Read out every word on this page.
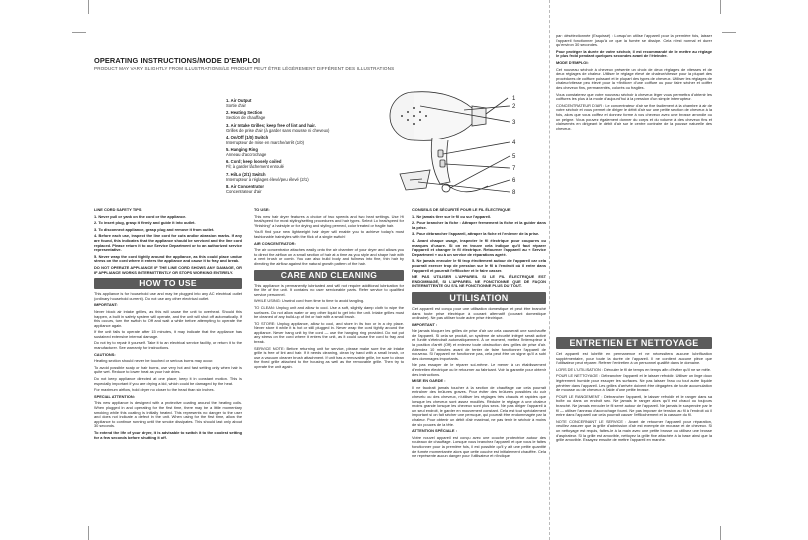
OPERATING INSTRUCTIONS/MODE D'EMPLOI
PRODUCT MAY VARY SLIGHTLY FROM ILLUSTRATIONS/LE PRODUIT PEUT ÊTRE LÉGÈREMENT DIFFÉRENT DES ILLUSTRATIONS
1. Air Output
Sortie d'air
2. Heating Section
Section de chauffage
3. Air Intake Grilles; keep free of lint and hair.
Grilles de prise d'air (à garder sans mousse ni cheveux)
4. On/Off (1/0) Switch
Interrupteur de mise en marche/arrêt (1/0)
5. Hanging Ring
Anneau d'accrochage
6. Cord; keep loosely coiled
Fil; à garder lâchement enroulé
7. Hi/Lo (2/1) Switch
Interrupteur à réglages élevé/peu élevé (2/1)
8. Air Concentrator
Concentrateur d'air
1
2
3
4
5
6
7
8

par: désélectionnée (Esquissé) : Lorsqu'on utilise l'appareil pour la première fois, laisser l'appareil fonctionner jusqu'à ce que la fumée se dissipe. Cela n'est normal et durer qu'environ 30 secondes.

Pour protéger la durée de votre séchoir, il est recommandé de le mettre au réglage le plus froid pendant quelques secondes avant de l'éteindre.

MODE D'EMPLOI:

Cet nouveau séchoir à cheveux présente un choix de deux réglages de vitesses et de deux réglages de chaleur. Utiliser le réglage élevé de chaleur/vitesse pour la plupart des procédures de coiffure puissant et le plupart des types de cheveux. Utiliser les réglages de chaleur/vitesse peu élevé pour la «finition» d'une coiffure ou pour faire sécher et coiffer des cheveux fins, permanentés, colorés ou fragiles.

Vous constaterez que votre nouveau séchoir à cheveux léger vous permettra d'obtenir les coiffures les plus à la mode d'aujourd'hui à la pression d'un simple interrupteur.

CONCENTRATEUR D'AIR : Le concentrateur d'air se fixe facilement à la chambre à air de votre séchoir et vous permet de diriger le débit d'air sur une petite section de cheveux à la fois, alors que vous coiffez et donnez forme à vos cheveux avec une brosse arrondie ou un peigne. Vous pouvez également donner du corps et du volume à des cheveux fins et clairsemés en dirigeant le débit d'air sur le centre contraire de la pousse naturelle des cheveux.

LINE CORD SAFETY TIPS

1. Never pull or yank on the cord or the appliance.

2. To insert plug, grasp it firmly and guide it into outlet.

3. To disconnect appliance, grasp plug and remove it from outlet.

4. Before each use, inspect the line cord for cuts and/or abrasion marks. If any are found, this indicates that the appliance should be serviced and the line cord replaced. Please return it to our Service Department or to an authorized service representative.

5. Never wrap the cord tightly around the appliance, as this could place undue stress on the cord where it enters the appliance and cause it to fray and break.

DO NOT OPERATE APPLIANCE IF THE LINE CORD SHOWS ANY DAMAGE, OR IF APPLIANCE WORKS INTERMITTENTLY OR STOPS WORKING ENTIRELY.

HOW TO USE

This appliance is for household use and may be plugged into any AC electrical outlet (ordinary household current). Do not use any other electrical outlet.

IMPORTANT:

Never block air intake grilles, as this will cause the unit to overheat. Should this happen, a built in safety system will operate, and the unit will shut off automatically. If this occurs, turn the switch to Off and wait a while before attempting to operate the appliance again.

If the unit fails to operate after 15 minutes, it may indicate that the appliance has sustained extensive internal damage.

Do not try to repair it yourself. Take it to an electrical service facility, or return it to the manufacturer. See warranty for instructions.

CAUTIONS:

Heating section should never be touched or serious burns may occur.

To avoid possible scalp or hair burns, use very hot and fast setting only when hair is quite wet. Reduce to lower heat as your hair dries.

Do not keep appliance directed at one place; keep it in constant motion. This is especially important if you are drying a kid, which could be damaged by the heat.

For maximum airflow, hold dryer no closer to the head than six inches.

SPECIAL ATTENTION:

This new appliance is designed with a protective coating around the heating coils. When plugged in and operating for the first time, there may be a little momentary smoking while this coating is initially heated. This represents no danger to the user and does not indicate a defect in the unit. When using for the first time, allow the appliance to continue running until the smoke dissipates. This should last only about 30 seconds.

To extend the life of your dryer, it is advisable to switch it to the coolest setting for a few seconds before shutting it off.

TO USE:

This new hair dryer features a choice of two speeds and two heat settings. Use Hi heat/speed for most styling/setting procedures and hair types. Select Lo heat/speed for "finishing" a hairstyle or for drying and styling permed, color treated or fragile hair.

You'll find your new lightweight hair dryer will enable you to achieve today's most fashionable hairstyles with the flick of a single switch!

AIR CONCENTRATOR:

The air concentrator attaches easily onto the air chamber of your dryer and allows you to direct the airflow on a small section of hair at a time as you style and shape hair with a vent brush or comb. You can also build body and fullness into fine, thin hair by directing the airflow against the natural growth pattern of the hair.

CARE AND CLEANING

This appliance is permanently lubricated and will not require additional lubrication for the life of the unit. It contains no user serviceable parts. Refer service to qualified service personnel.

WHILE USING: Unwind cord from time to time to avoid tangling.

TO CLEAN: Unplug unit and allow to cool. Use a soft, slightly damp cloth to wipe the surfaces. Do not allow water or any other liquid to get into the unit. Intake grilles must be cleaned of any build-up of lint or hair with a small brush.

TO STORE: Unplug appliance, allow to cool, and store in its box or in a dry place. Never store it while it is hot or still plugged in. Never wrap the cord tightly around the appliance. Never hang unit by the cord — use the hanging ring provided. Do not put any stress on the cord where it enters the unit, as it could cause the cord to fray and break.

SERVICE NOTE: Before returning unit for service, please make sure the air intake grille is free of lint and hair. If it needs cleaning, clean by hand with a small brush, or use a vacuum cleaner brush attachment. If unit has a removable grille, be sure to clean the fixed grille attached to the housing as well as the removable grille. Then try to operate the unit again.

CONSEILS DE SÉCURITÉ POUR LE FIL ÉLECTRIQUE

1. Ne jamais tirer sur le fil ou sur l'appareil.

2. Pour brancher la fiche : Attraper fermement la fiche et la guider dans la prise.

3. Pour débrancher l'appareil, attraper la fiche et l'enlever de la prise.

4. Avant chaque usage, inspecter le fil électrique pour coupures ou marques d'usure. Si on en trouve cela indique qu'il faut réparer l'appareil et changer le fil électrique. Retourner l'appareil au « Service Department » ou à un service de réparations agréé.

5. Ne jamais enrouler le fil trop étroitement autour de l'appareil car cela pourrait exercer trop de pression sur le fil à l'endroit où il entre dans l'appareil et pourrait l'effilocher et le faire casser.

NE PAS UTILISER L'APPAREIL SI LE FIL ÉLECTRIQUE EST ENDOMMAGÉ, SI L'APPAREIL NE FONCTIONNE QUE DE FAÇON INTERMITTENTE OU S'IL NE FONCTIONNE PLUS DU TOUT.

UTILISATION

Cet appareil est conçu pour une utilisation domestique et peut être branché dans toute prise électrique à courant alternatif (courant domestique ordinaire). Ne pas utiliser toute autre prise électrique.

IMPORTANT :

Ne jamais bloquer les grilles de prise d'air car cela causerait une surchauffe de l'appareil. Si cela se produit, un système de sécurité intégré serait activé et l'unité s'éteindrait automatiquement. À ce moment, mettez l'interrupteur à la position d'arrêt (Off) et enlevez toute obstruction des grilles de prise d'air. Attendez 10 minutes avant de tenter de faire fonctionner l'appareil de nouveau. Si l'appareil ne fonctionne pas, cela peut être un signe qu'il a subi des dommages importants.

Ne pas essayer de le réparer soi-même. Le mener à un établissement d'entretien électrique ou le retourner au fabricant. Voir la garantie pour obtenir des instructions.

MISE EN GARDE :

Il ne faudrait jamais toucher à la section de chauffage car cela pourrait entraîner des brûlures graves. Pour éviter des brûlures possibles du cuir chevelu ou des cheveux, n'utiliser les réglages très chauds et rapides que lorsque les cheveux sont assez mouillés. Réduire le réglage à une chaleur moins grande lorsque les cheveux sont plus secs. Ne pas diriger l'appareil à un seul endroit, le garder en mouvement constant. Cela est tout spécialement important si on fait sécher une perruque, qui pourrait être endommagée par la chaleur. Pour obtenir un débit d'air maximal, ne pas tenir le séchoir à moins de six pouces de la tête.

ATTENTION SPÉCIALE :

Votre nouvel appareil est conçu avec une couche protectrice autour des rouleaux de chauffage. Lorsque vous branchez l'appareil et que vous le faites fonctionner pour la première fois, il est possible qu'il y ait une petite quantité de fumée momentanée alors que cette couche est initialement chauffée. Cela ne représente aucun danger pour l'utilisateur et n'indique

ENTRETIEN ET NETTOYAGE

Cet appareil est lubrifié en permanence et ne nécessitera aucune lubrification supplémentaire, pour toute la durée de l'appareil. Il ne contient aucune pièce que l'utilisateur peut réparer. Referer l'entretien à un personnel qualifié dans le domaine.

LORS DE L'UTILISATION : Dérouler le fil de temps en temps afin d'éviter qu'il ne se mêle.

POUR LE NETTOYAGE : Débrancher l'appareil et le laisser refroidir. Utiliser un linge doux légèrement humide pour essuyer les surfaces. Ne pas laisser l'eau ou tout autre liquide pénétrer dans l'appareil. Les grilles d'arrivée doivent être dégagées de toute accumulation de mousse ou de cheveux à l'aide d'une petite brosse.

POUR LE RANGEMENT : Débrancher l'appareil, le laisser refroidir et le ranger dans sa boîte ou dans un endroit sec. Ne jamais le ranger alors qu'il est chaud ou toujours branché. Ne jamais enrouler le fil serré autour de l'appareil. Ne jamais le suspendre par le fil — utiliser l'anneau d'accrochage fourni. Ne pas imposer de tension au fil à l'endroit où il entre dans l'appareil car cela pourrait causer l'effilochement et la cassure du fil.

NOTE CONCERNANT LE SERVICE : Avant de retourner l'appareil pour réparation, veuillez assurer que la grille d'admission d'air est exempte de mousse et de cheveux. Si un nettoyage est requis, faites-le à la main avec une petite brosse ou utilisez une brosse d'aspirateur. Si la grille est amovible, nettoyez la grille fixe attachée à la base ainsi que la grille amovible. Essayez ensuite de mettre l'appareil en marche.
